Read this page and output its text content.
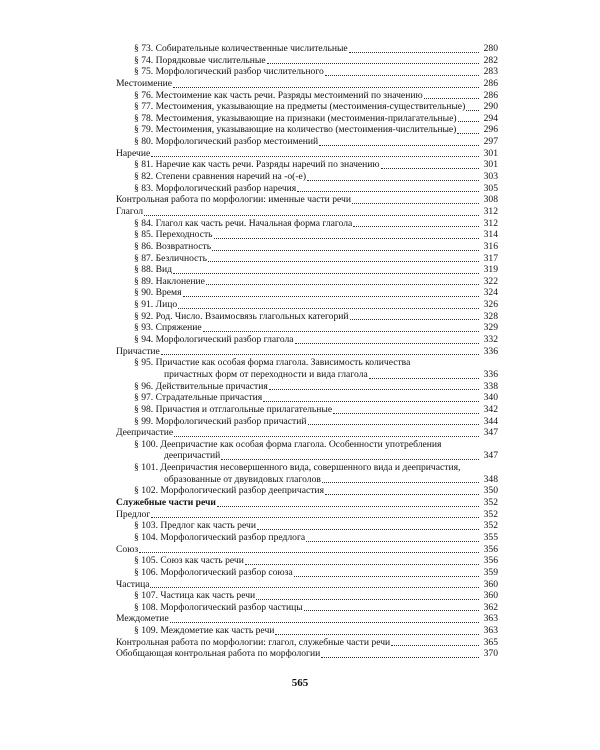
§ 73. Собирательные количественные числительные	280
§ 74. Порядковые числительные	282
§ 75. Морфологический разбор числительного	283
Местоимение	286
§ 76. Местоимение как часть речи. Разряды местоимений по значению	286
§ 77. Местоимения, указывающие на предметы (местоимения-существительные)	290
§ 78. Местоимения, указывающие на признаки (местоимения-прилагательные)	294
§ 79. Местоимения, указывающие на количество (местоимения-числительные)	296
§ 80. Морфологический разбор местоимений	297
Наречие	301
§ 81. Наречие как часть речи. Разряды наречий по значению	301
§ 82. Степени сравнения наречий на -о(-е)	303
§ 83. Морфологический разбор наречия	305
Контрольная работа по морфологии: именные части речи	308
Глагол	312
§ 84. Глагол как часть речи. Начальная форма глагола	312
§ 85. Переходность	314
§ 86. Возвратность	316
§ 87. Безличность	317
§ 88. Вид	319
§ 89. Наклонение	322
§ 90. Время	324
§ 91. Лицо	326
§ 92. Род. Число. Взаимосвязь глагольных категорий	328
§ 93. Спряжение	329
§ 94. Морфологический разбор глагола	332
Причастие	336
§ 95. Причастие как особая форма глагола. Зависимость количества
причастных форм от переходности и вида глагола	336
§ 96. Действительные причастия	338
§ 97. Страдательные причастия	340
§ 98. Причастия и отглагольные прилагательные	342
§ 99. Морфологический разбор причастий	344
Деепричастие	347
§ 100. Деепричастие как особая форма глагола. Особенности употребления
деепричастий	347
§ 101. Деепричастия несовершенного вида, совершенного вида и деепричастия,
образованные от двувидовых глаголов	348
§ 102. Морфологический разбор деепричастия	350
Служебные части речи	352
Предлог	352
§ 103. Предлог как часть речи	352
§ 104. Морфологический разбор предлога	355
Союз	356
§ 105. Союз как часть речи	356
§ 106. Морфологический разбор союза	359
Частица	360
§ 107. Частица как часть речи	360
§ 108. Морфологический разбор частицы	362
Междометие	363
§ 109. Междометие как часть речи	363
Контрольная работа по морфологии: глагол, служебные части речи	365
Обобщающая контрольная работа по морфологии	370
565
